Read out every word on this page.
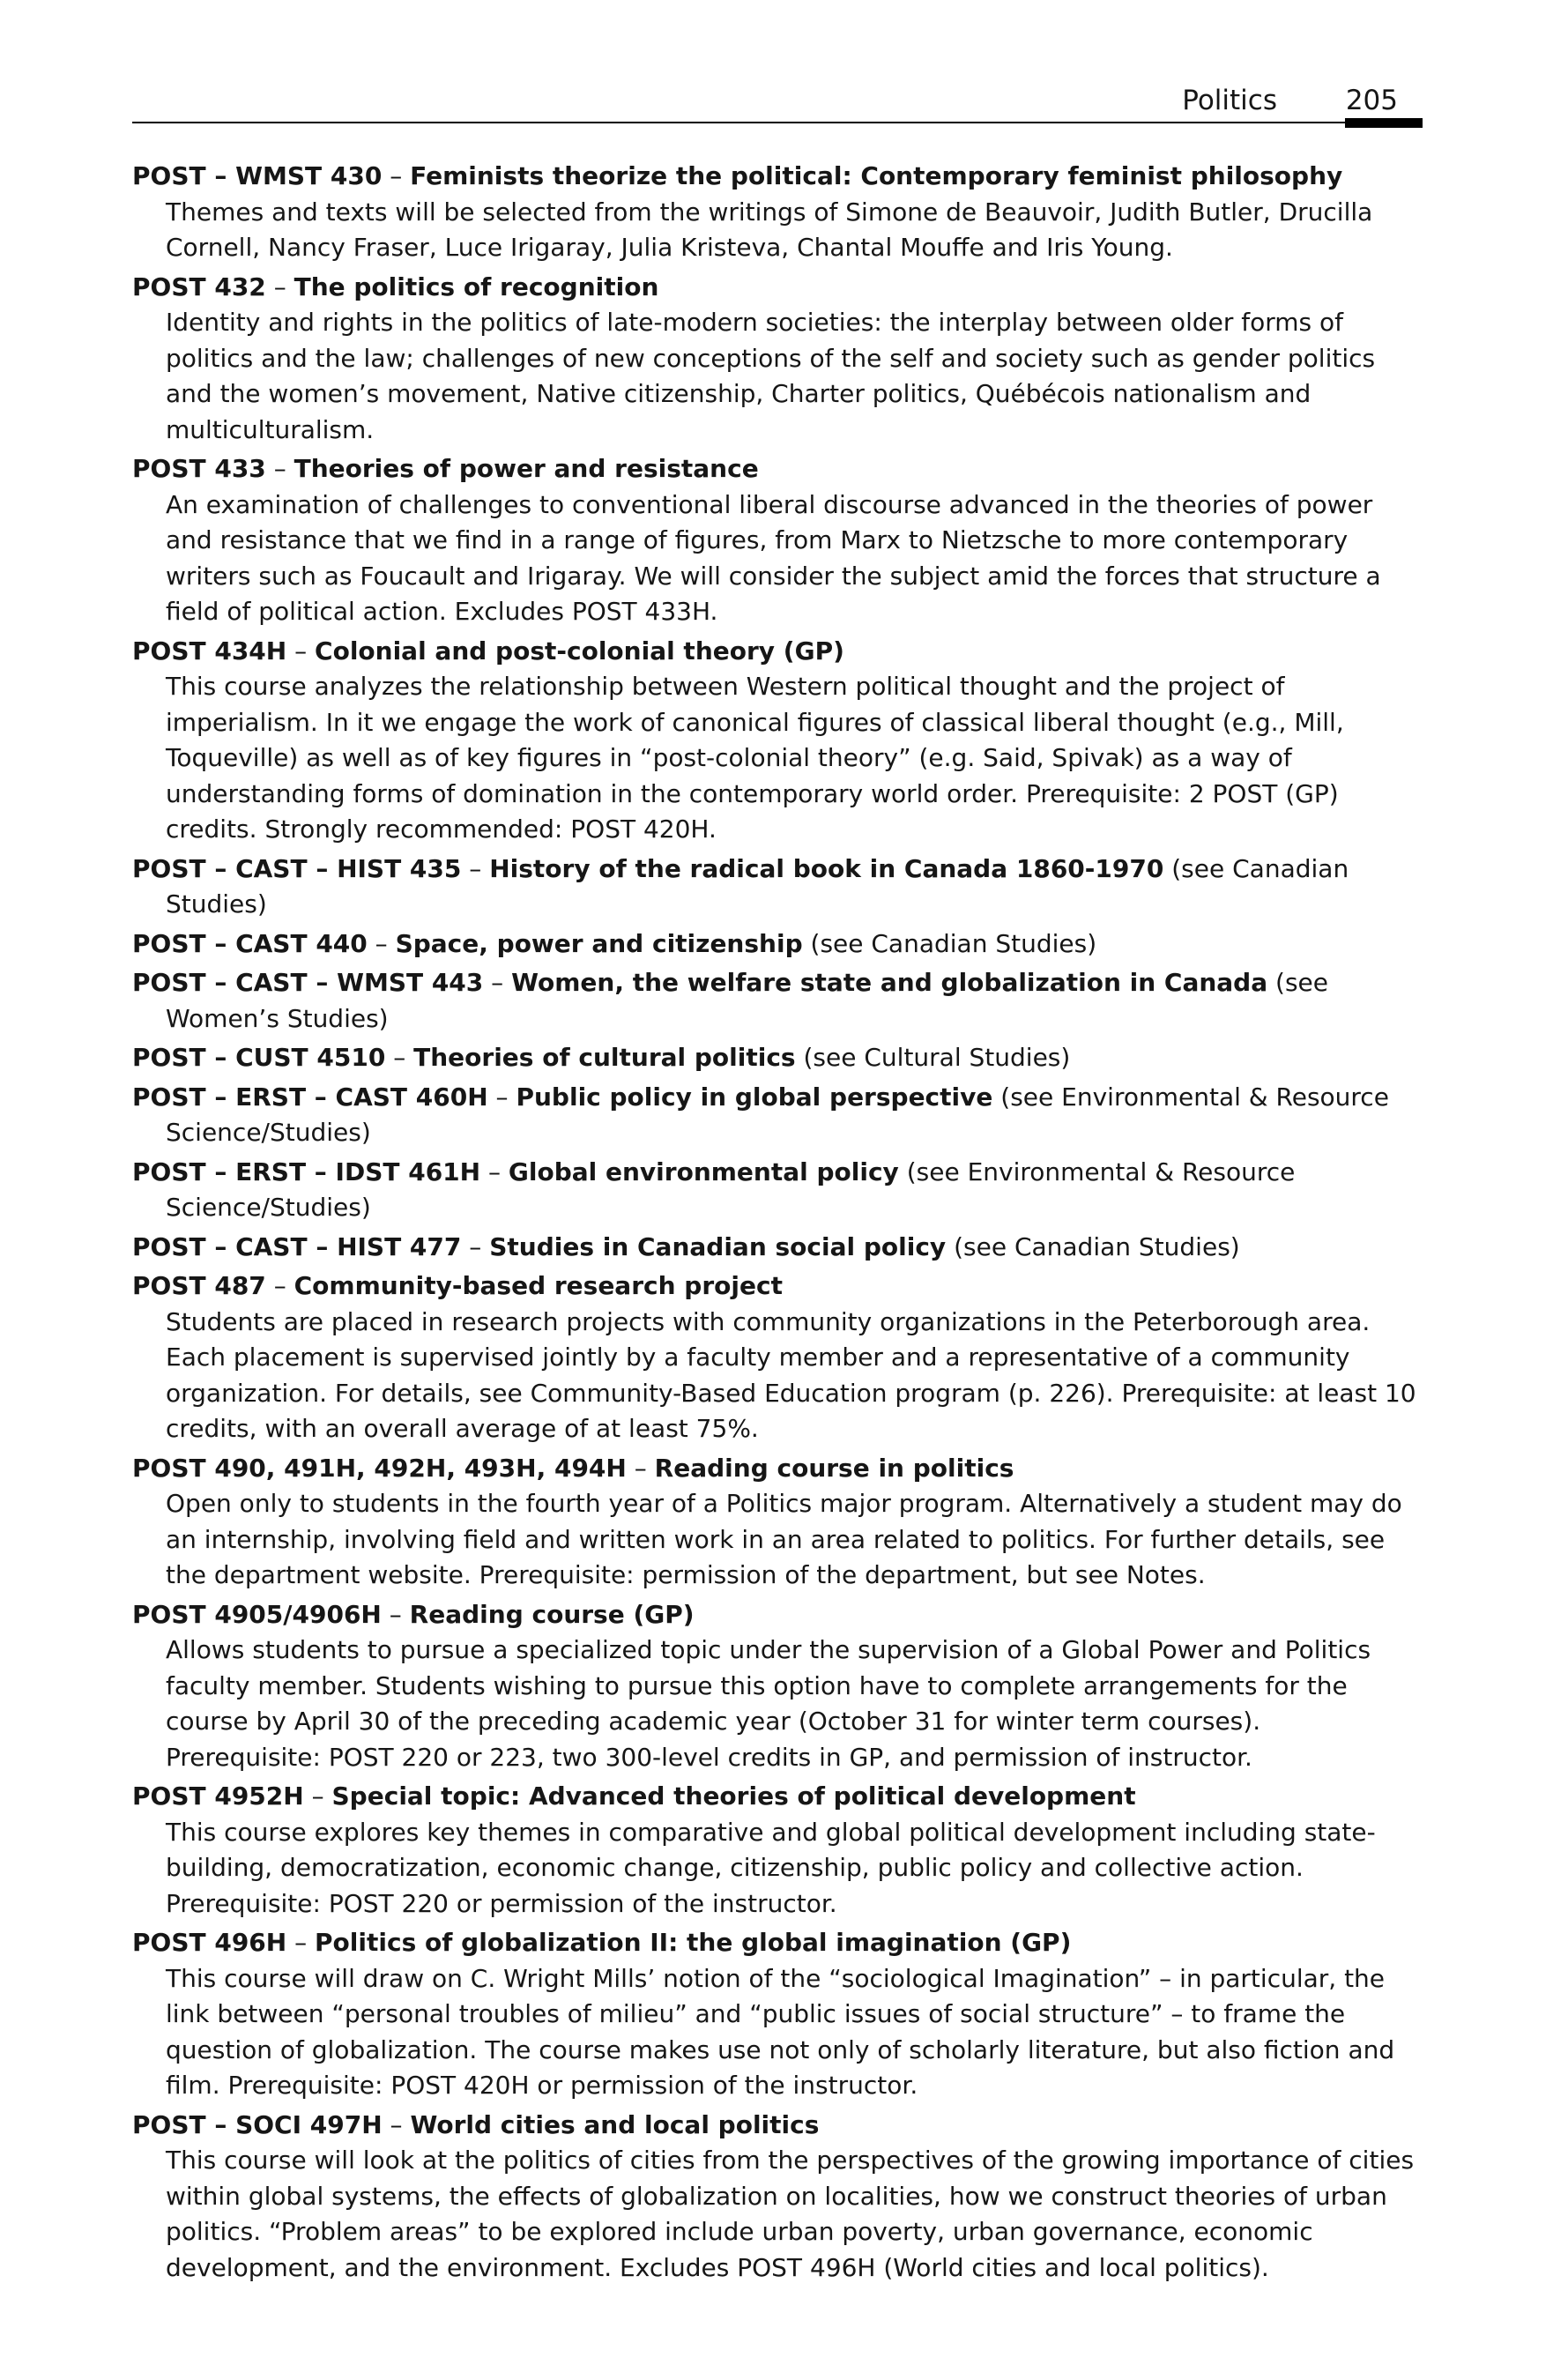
Politics	205
POST – WMST 430 – Feminists theorize the political: Contemporary feminist philosophy
Themes and texts will be selected from the writings of Simone de Beauvoir, Judith Butler, Drucilla Cornell, Nancy Fraser, Luce Irigaray, Julia Kristeva, Chantal Mouffe and Iris Young.
POST 432 – The politics of recognition
Identity and rights in the politics of late-modern societies: the interplay between older forms of politics and the law; challenges of new conceptions of the self and society such as gender politics and the women’s movement, Native citizenship, Charter politics, Québécois nationalism and multiculturalism.
POST 433 – Theories of power and resistance
An examination of challenges to conventional liberal discourse advanced in the theories of power and resistance that we find in a range of figures, from Marx to Nietzsche to more contemporary writers such as Foucault and Irigaray. We will consider the subject amid the forces that structure a field of political action. Excludes POST 433H.
POST 434H – Colonial and post-colonial theory (GP)
This course analyzes the relationship between Western political thought and the project of imperialism. In it we engage the work of canonical figures of classical liberal thought (e.g., Mill, Toqueville) as well as of key figures in “post-colonial theory” (e.g. Said, Spivak) as a way of understanding forms of domination in the contemporary world order. Prerequisite: 2 POST (GP) credits. Strongly recommended: POST 420H.
POST – CAST – HIST 435 – History of the radical book in Canada 1860-1970 (see Canadian Studies)
POST – CAST 440 – Space, power and citizenship (see Canadian Studies)
POST – CAST – WMST 443 – Women, the welfare state and globalization in Canada (see Women’s Studies)
POST – CUST 4510 – Theories of cultural politics (see Cultural Studies)
POST – ERST – CAST 460H – Public policy in global perspective (see Environmental & Resource Science/Studies)
POST – ERST – IDST 461H – Global environmental policy (see Environmental & Resource Science/Studies)
POST – CAST – HIST 477 – Studies in Canadian social policy (see Canadian Studies)
POST 487 – Community-based research project
Students are placed in research projects with community organizations in the Peterborough area. Each placement is supervised jointly by a faculty member and a representative of a community organization. For details, see Community-Based Education program (p. 226). Prerequisite: at least 10 credits, with an overall average of at least 75%.
POST 490, 491H, 492H, 493H, 494H – Reading course in politics
Open only to students in the fourth year of a Politics major program. Alternatively a student may do an internship, involving field and written work in an area related to politics. For further details, see the department website. Prerequisite: permission of the department, but see Notes.
POST 4905/4906H – Reading course (GP)
Allows students to pursue a specialized topic under the supervision of a Global Power and Politics faculty member. Students wishing to pursue this option have to complete arrangements for the course by April 30 of the preceding academic year (October 31 for winter term courses). Prerequisite: POST 220 or 223, two 300-level credits in GP, and permission of instructor.
POST 4952H – Special topic: Advanced theories of political development
This course explores key themes in comparative and global political development including state-building, democratization, economic change, citizenship, public policy and collective action. Prerequisite: POST 220 or permission of the instructor.
POST 496H – Politics of globalization II: the global imagination (GP)
This course will draw on C. Wright Mills’ notion of the “sociological Imagination” – in particular, the link between “personal troubles of milieu” and “public issues of social structure” – to frame the question of globalization. The course makes use not only of scholarly literature, but also fiction and film. Prerequisite: POST 420H or permission of the instructor.
POST – SOCI 497H – World cities and local politics
This course will look at the politics of cities from the perspectives of the growing importance of cities within global systems, the effects of globalization on localities, how we construct theories of urban politics. “Problem areas” to be explored include urban poverty, urban governance, economic development, and the environment. Excludes POST 496H (World cities and local politics).
